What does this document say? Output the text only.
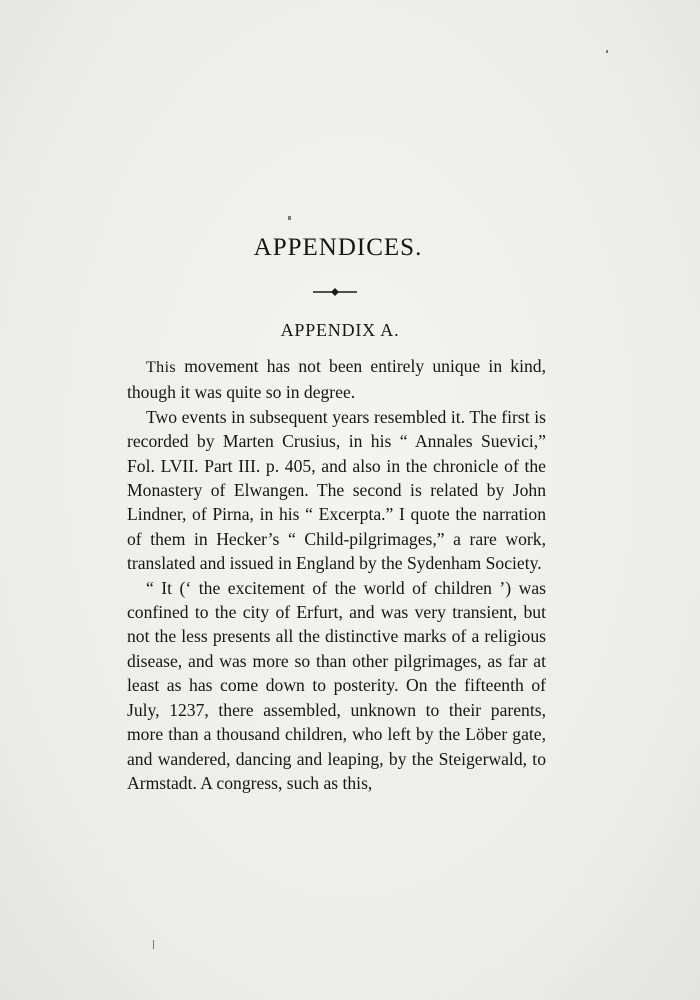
APPENDICES.
APPENDIX A.

This movement has not been entirely unique in kind, though it was quite so in degree.

Two events in subsequent years resembled it. The first is recorded by Marten Crusius, in his “ Annales Suevici,” Fol. LVII. Part III. p. 405, and also in the chronicle of the Monastery of Elwangen. The second is related by John Lindner, of Pirna, in his “ Excerpta.” I quote the narration of them in Hecker’s “ Child-pilgrimages,” a rare work, translated and issued in England by the Sydenham Society.

“ It (‘ the excitement of the world of children ’) was confined to the city of Erfurt, and was very transient, but not the less presents all the distinctive marks of a religious disease, and was more so than other pilgrimages, as far at least as has come down to posterity. On the fifteenth of July, 1237, there assembled, unknown to their parents, more than a thousand children, who left by the Löber gate, and wandered, dancing and leaping, by the Steigerwald, to Armstadt. A congress, such as this,
